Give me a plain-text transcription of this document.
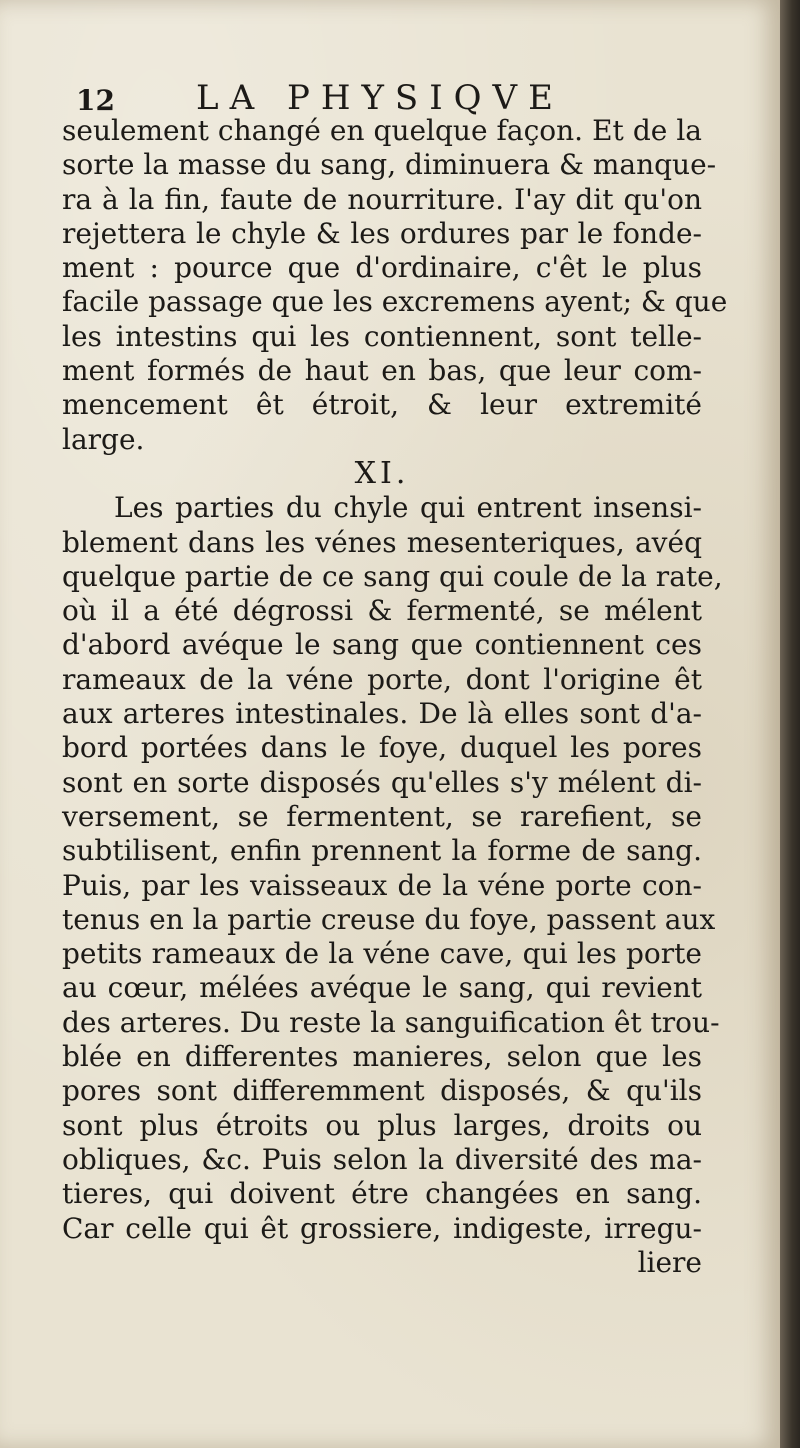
12 LA PHYSIQVE
seulement changé en quelque façon. Et de la
sorte la masse du sang, diminuera & manque-
ra à la fin, faute de nourriture. I'ay dit qu'on
rejettera le chyle & les ordures par le fonde-
ment : pource que d'ordinaire, c'êt le plus
facile passage que les excremens ayent; & que
les intestins qui les contiennent, sont telle-
ment formés de haut en bas, que leur com-
mencement êt étroit, & leur extremité
large.
XI.
Les parties du chyle qui entrent insensi-
blement dans les vénes mesenteriques, avéq
quelque partie de ce sang qui coule de la rate,
où il a été dégrossi & fermenté, se mélent
d'abord avéque le sang que contiennent ces
rameaux de la véne porte, dont l'origine êt
aux arteres intestinales. De là elles sont d'a-
bord portées dans le foye, duquel les pores
sont en sorte disposés qu'elles s'y mélent di-
versement, se fermentent, se rarefient, se
subtilisent, enfin prennent la forme de sang.
Puis, par les vaisseaux de la véne porte con-
tenus en la partie creuse du foye, passent aux
petits rameaux de la véne cave, qui les porte
au cœur, mélées avéque le sang, qui revient
des arteres. Du reste la sanguification êt trou-
blée en differentes manieres, selon que les
pores sont differemment disposés, & qu'ils
sont plus étroits ou plus larges, droits ou
obliques, &c. Puis selon la diversité des ma-
tieres, qui doivent étre changées en sang.
Car celle qui êt grossiere, indigeste, irregu-
liere
